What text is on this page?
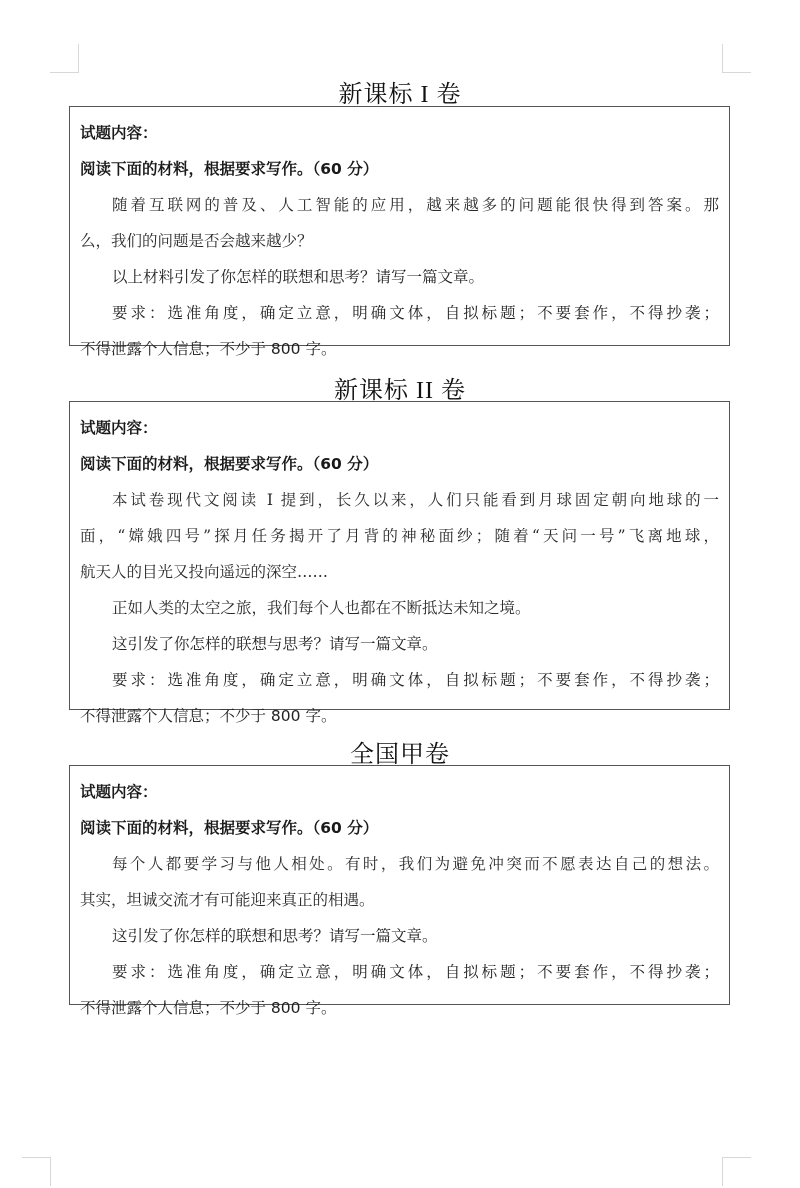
新课标 I 卷
试题内容：
阅读下面的材料，根据要求写作。（60 分）
随着互联网的普及、人工智能的应用，越来越多的问题能很快得到答案。那
么，我们的问题是否会越来越少？
以上材料引发了你怎样的联想和思考？请写一篇文章。
要求：选准角度，确定立意，明确文体，自拟标题；不要套作，不得抄袭；
不得泄露个人信息；不少于 800 字。
新课标 II 卷
试题内容：
阅读下面的材料，根据要求写作。（60 分）
本试卷现代文阅读 I 提到，长久以来，人们只能看到月球固定朝向地球的一
面，“嫦娥四号”探月任务揭开了月背的神秘面纱；随着“天问一号”飞离地球，
航天人的目光又投向遥远的深空……
正如人类的太空之旅，我们每个人也都在不断抵达未知之境。
这引发了你怎样的联想与思考？请写一篇文章。
要求：选准角度，确定立意，明确文体，自拟标题；不要套作，不得抄袭；
不得泄露个人信息；不少于 800 字。
全国甲卷
试题内容：
阅读下面的材料，根据要求写作。（60 分）
每个人都要学习与他人相处。有时，我们为避免冲突而不愿表达自己的想法。
其实，坦诚交流才有可能迎来真正的相遇。
这引发了你怎样的联想和思考？请写一篇文章。
要求：选准角度，确定立意，明确文体，自拟标题；不要套作，不得抄袭；
不得泄露个人信息；不少于 800 字。
